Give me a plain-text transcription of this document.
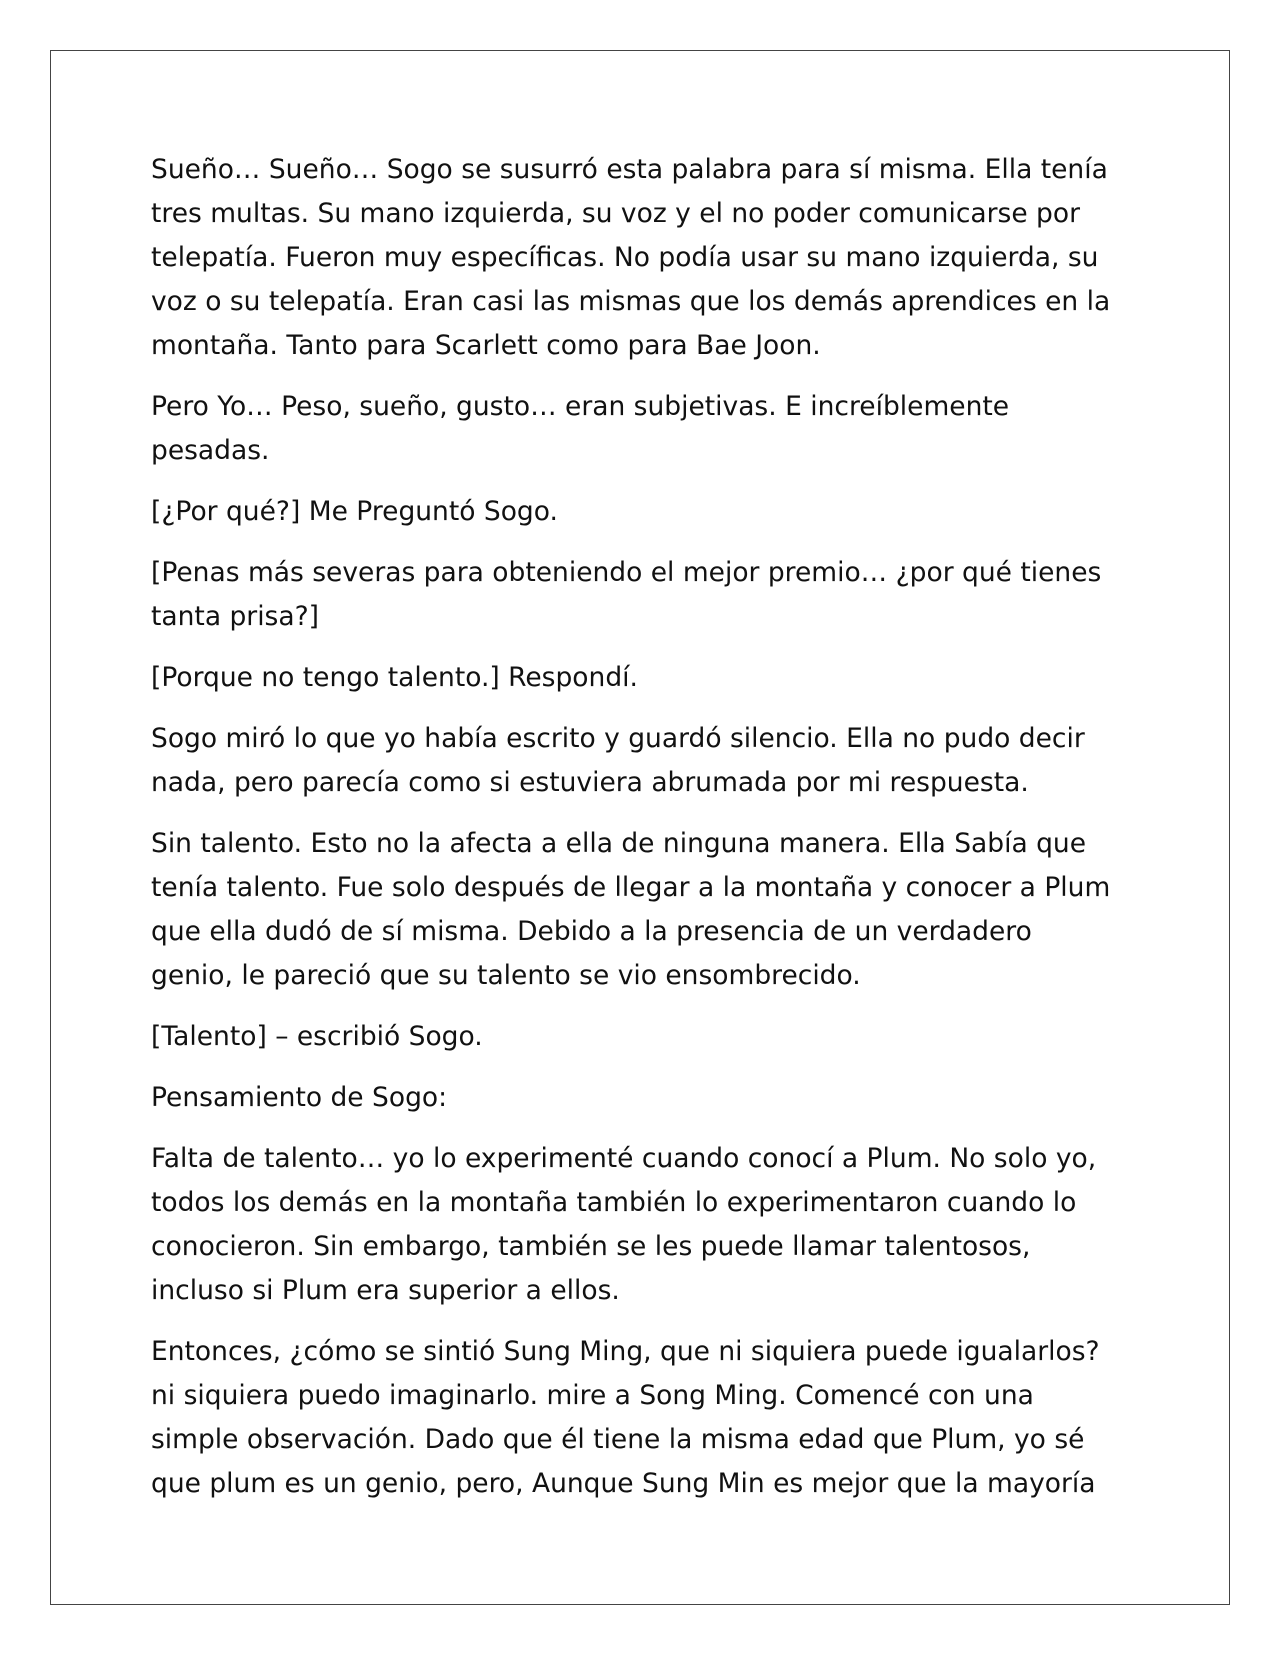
Sueño… Sueño… Sogo se susurró esta palabra para sí misma. Ella tenía
tres multas. Su mano izquierda, su voz y el no poder comunicarse por
telepatía. Fueron muy específicas. No podía usar su mano izquierda, su
voz o su telepatía. Eran casi las mismas que los demás aprendices en la
montaña. Tanto para Scarlett como para Bae Joon.

Pero Yo… Peso, sueño, gusto… eran subjetivas. E increíblemente
pesadas.

[¿Por qué?] Me Preguntó Sogo.

[Penas más severas para obteniendo el mejor premio… ¿por qué tienes
tanta prisa?]

[Porque no tengo talento.] Respondí.

Sogo miró lo que yo había escrito y guardó silencio. Ella no pudo decir
nada, pero parecía como si estuviera abrumada por mi respuesta.

Sin talento. Esto no la afecta a ella de ninguna manera. Ella Sabía que
tenía talento. Fue solo después de llegar a la montaña y conocer a Plum
que ella dudó de sí misma. Debido a la presencia de un verdadero
genio, le pareció que su talento se vio ensombrecido.

[Talento] – escribió Sogo.

Pensamiento de Sogo:

Falta de talento… yo lo experimenté cuando conocí a Plum. No solo yo,
todos los demás en la montaña también lo experimentaron cuando lo
conocieron. Sin embargo, también se les puede llamar talentosos,
incluso si Plum era superior a ellos.

Entonces, ¿cómo se sintió Sung Ming, que ni siquiera puede igualarlos?
ni siquiera puedo imaginarlo. mire a Song Ming. Comencé con una
simple observación. Dado que él tiene la misma edad que Plum, yo sé
que plum es un genio, pero, Aunque Sung Min es mejor que la mayoría
